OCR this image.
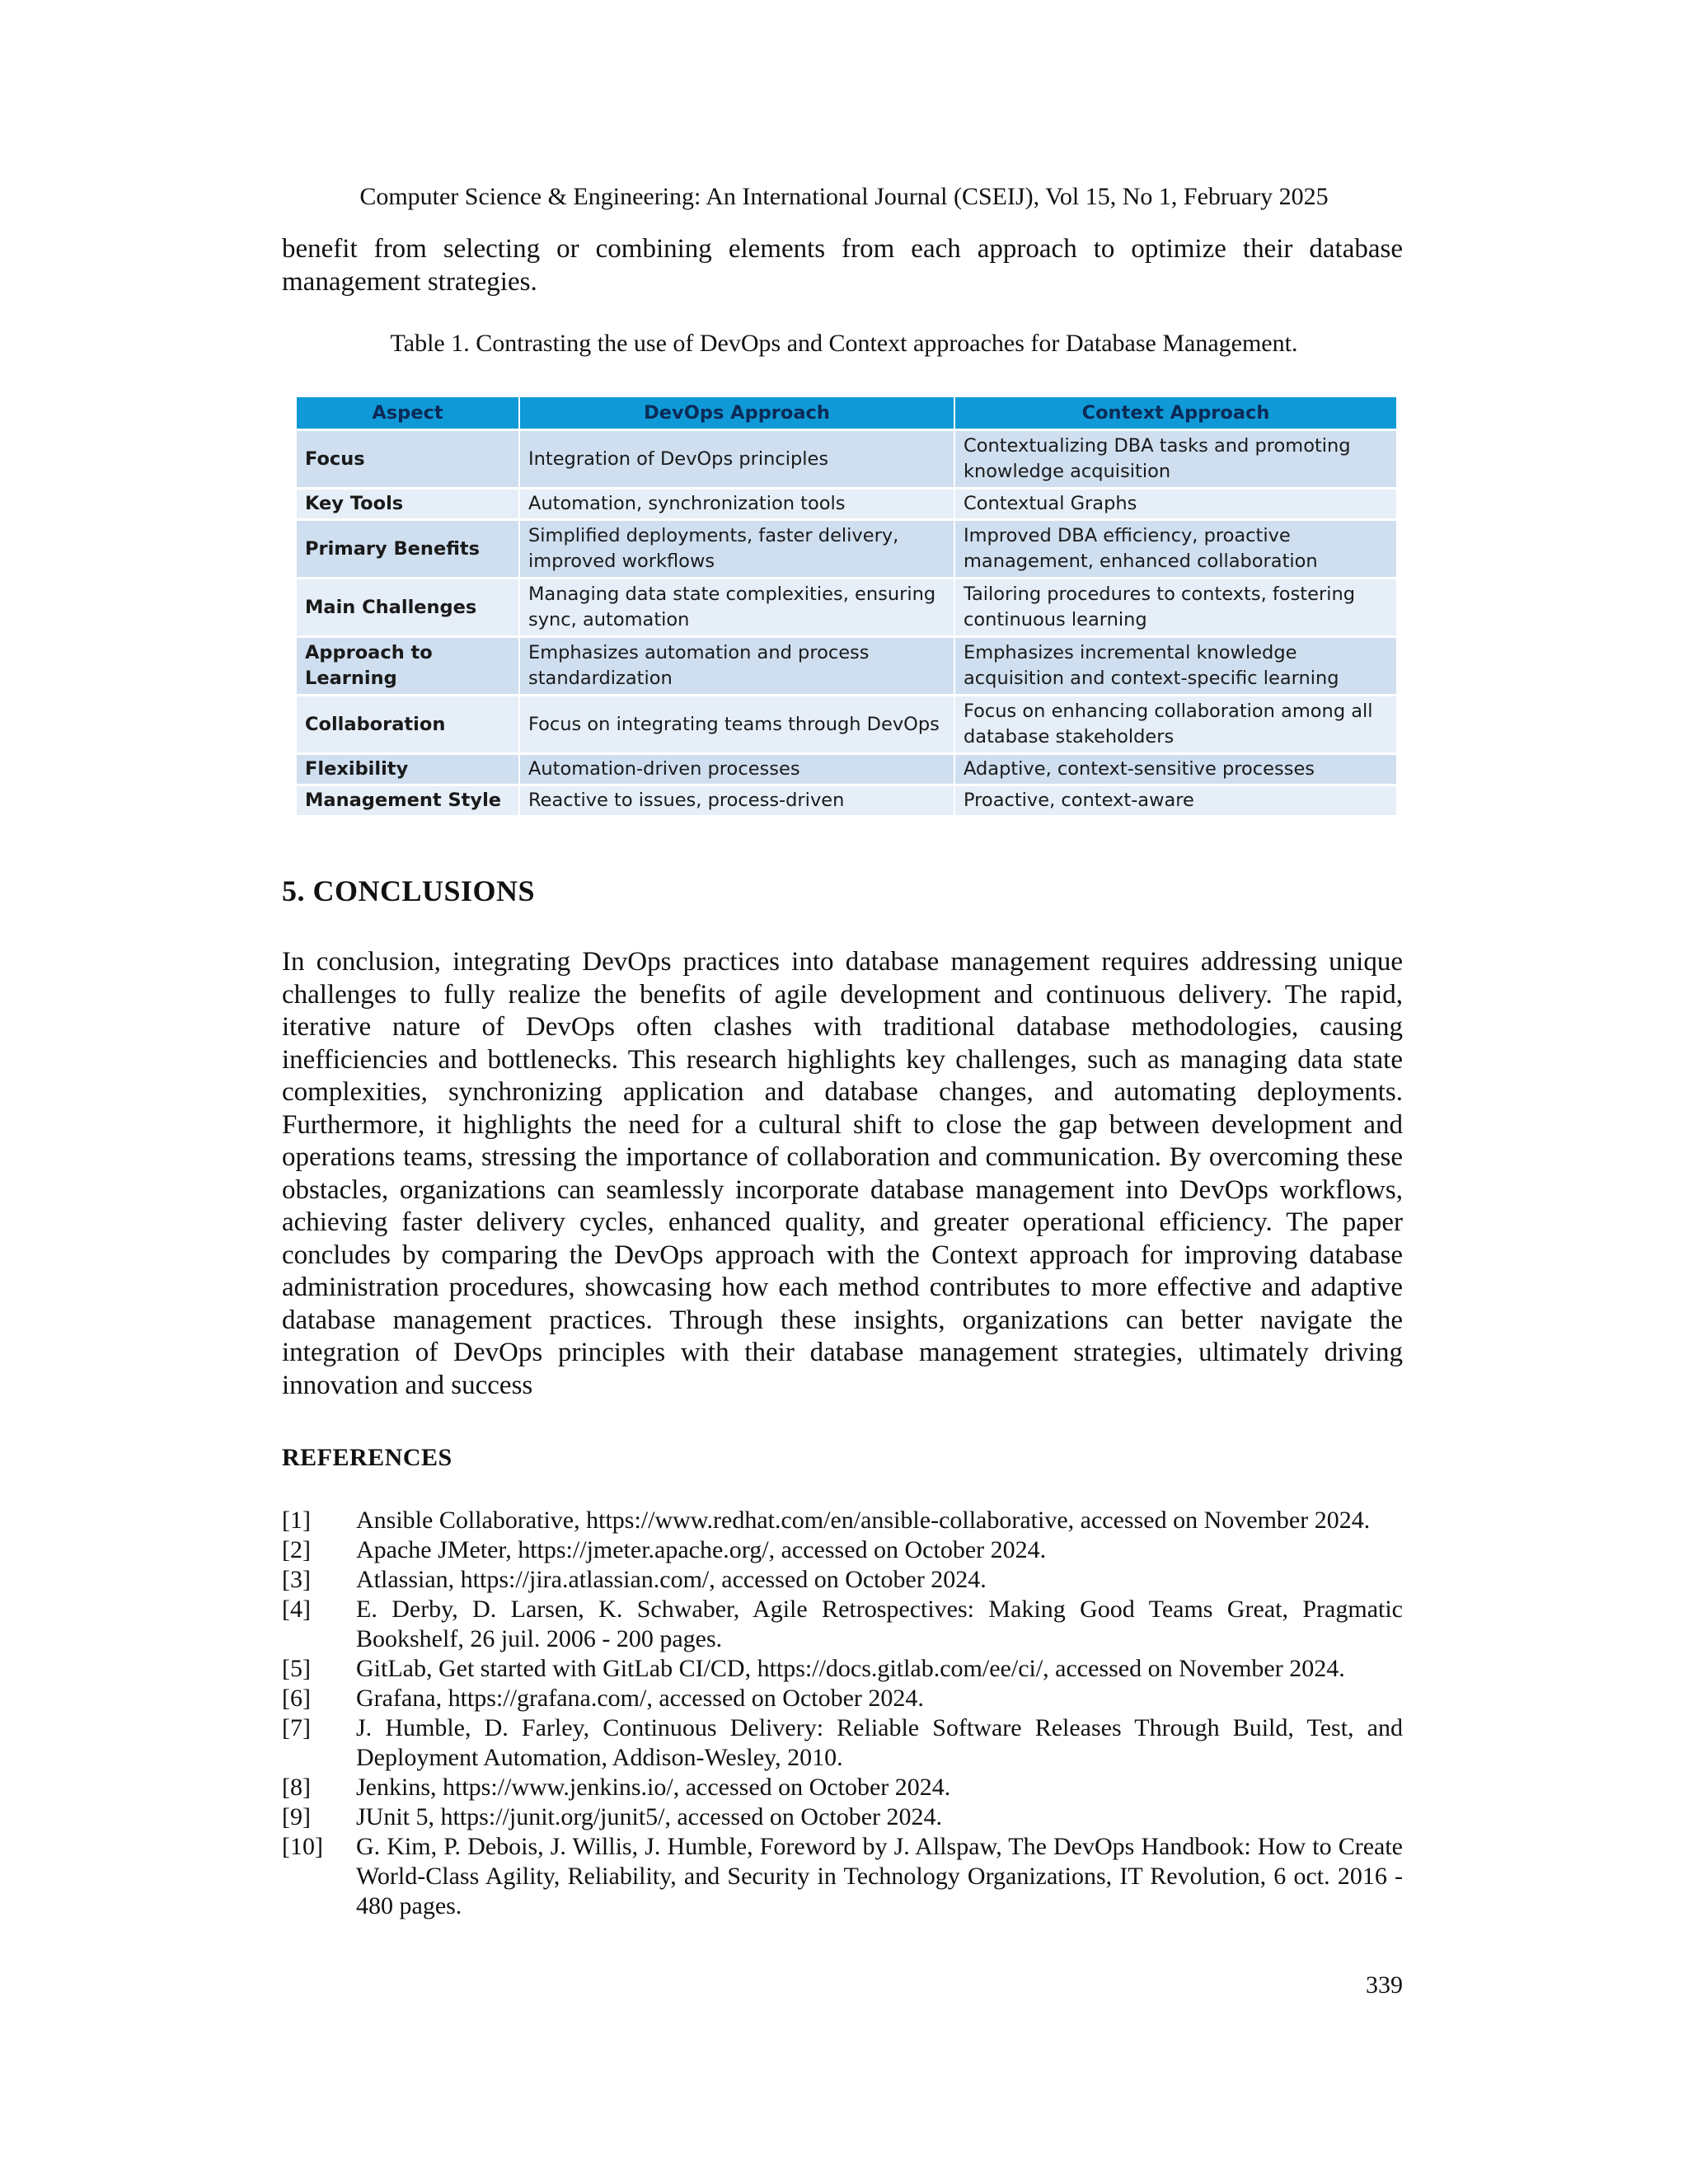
Computer Science & Engineering: An International Journal (CSEIJ), Vol 15, No 1, February 2025

benefit from selecting or combining elements from each approach to optimize their database management strategies.

Table 1. Contrasting the use of DevOps and Context approaches for Database Management.
Aspect	DevOps Approach	Context Approach
Focus	Integration of DevOps principles	Contextualizing DBA tasks and promoting knowledge acquisition
Key Tools	Automation, synchronization tools	Contextual Graphs
Primary Benefits	Simplified deployments, faster delivery, improved workflows	Improved DBA efficiency, proactive management, enhanced collaboration
Main Challenges	Managing data state complexities, ensuring sync, automation	Tailoring procedures to contexts, fostering continuous learning
Approach to Learning	Emphasizes automation and process standardization	Emphasizes incremental knowledge acquisition and context-specific learning
Collaboration	Focus on integrating teams through DevOps	Focus on enhancing collaboration among all database stakeholders
Flexibility	Automation-driven processes	Adaptive, context-sensitive processes
Management Style	Reactive to issues, process-driven	Proactive, context-aware
5. CONCLUSIONS

In conclusion, integrating DevOps practices into database management requires addressing unique challenges to fully realize the benefits of agile development and continuous delivery. The rapid, iterative nature of DevOps often clashes with traditional database methodologies, causing inefficiencies and bottlenecks. This research highlights key challenges, such as managing data state complexities, synchronizing application and database changes, and automating deployments. Furthermore, it highlights the need for a cultural shift to close the gap between development and operations teams, stressing the importance of collaboration and communication. By overcoming these obstacles, organizations can seamlessly incorporate database management into DevOps workflows, achieving faster delivery cycles, enhanced quality, and greater operational efficiency. The paper concludes by comparing the DevOps approach with the Context approach for improving database administration procedures, showcasing how each method contributes to more effective and adaptive database management practices. Through these insights, organizations can better navigate the integration of DevOps principles with their database management strategies, ultimately driving innovation and success

REFERENCES
[1]	Ansible Collaborative, https://www.redhat.com/en/ansible-collaborative, accessed on November 2024.
[2]	Apache JMeter, https://jmeter.apache.org/, accessed on October 2024.
[3]	Atlassian, https://jira.atlassian.com/, accessed on October 2024.
[4]	E. Derby, D. Larsen, K. Schwaber, Agile Retrospectives: Making Good Teams Great, Pragmatic Bookshelf, 26 juil. 2006 - 200 pages.
[5]	GitLab, Get started with GitLab CI/CD, https://docs.gitlab.com/ee/ci/, accessed on November 2024.
[6]	Grafana, https://grafana.com/, accessed on October 2024.
[7]	J. Humble, D. Farley, Continuous Delivery: Reliable Software Releases Through Build, Test, and Deployment Automation, Addison-Wesley, 2010.
[8]	Jenkins, https://www.jenkins.io/, accessed on October 2024.
[9]	JUnit 5, https://junit.org/junit5/, accessed on October 2024.
[10]	G. Kim, P. Debois, J. Willis, J. Humble, Foreword by J. Allspaw, The DevOps Handbook: How to Create World-Class Agility, Reliability, and Security in Technology Organizations, IT Revolution, 6 oct. 2016 - 480 pages.
339
